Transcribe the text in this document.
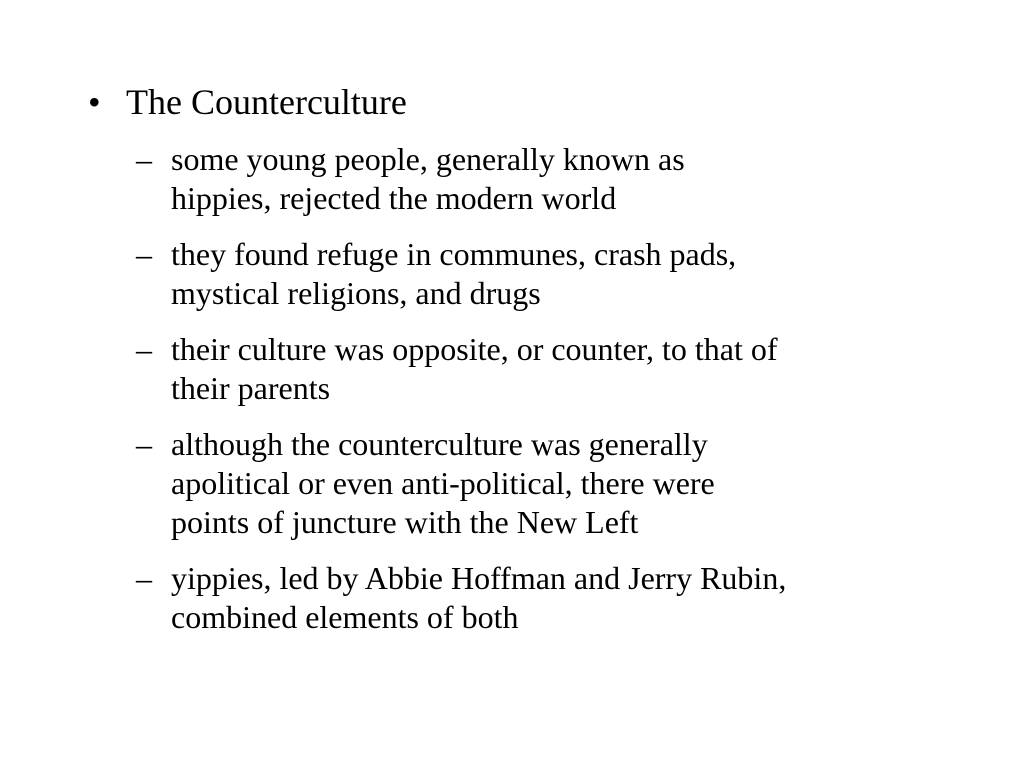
• The Counterculture
– some young people, generally known as
hippies, rejected the modern world
– they found refuge in communes, crash pads,
mystical religions, and drugs
– their culture was opposite, or counter, to that of
their parents
– although the counterculture was generally
apolitical or even anti-political, there were
points of juncture with the New Left
– yippies, led by Abbie Hoffman and Jerry Rubin,
combined elements of both
